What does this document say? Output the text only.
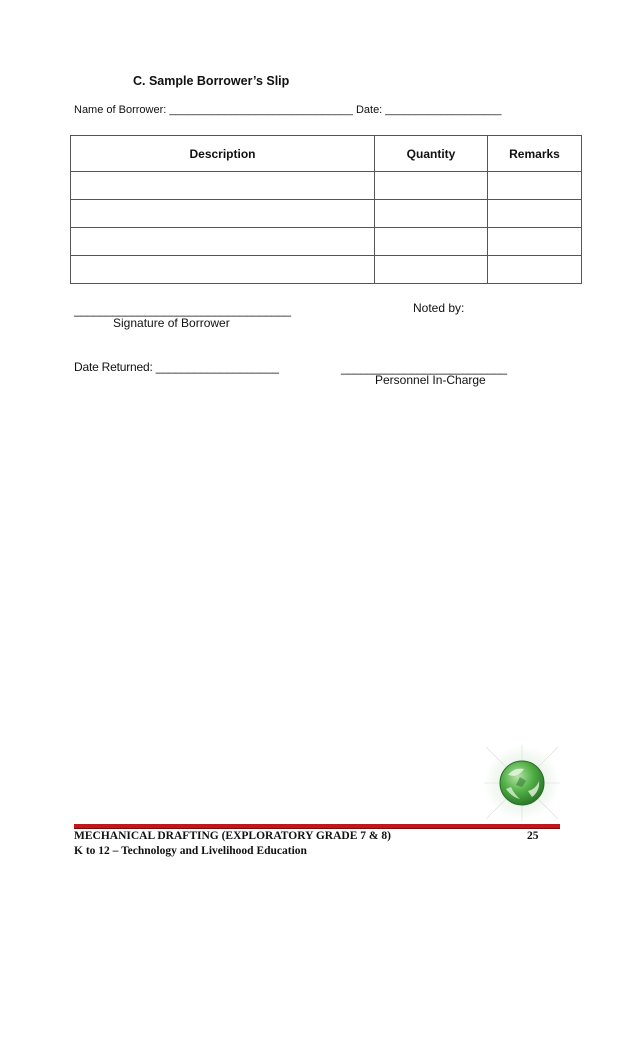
C. Sample Borrower’s Slip
Name of Borrower: ______________________________ Date: ___________________
Description	Quantity	Remarks

__________________________________
Signature of Borrower
Noted by:
Date Returned: ___________________	__________________________
Personnel In-Charge
MECHANICAL DRAFTING (EXPLORATORY GRADE 7 & 8)	25
K to 12 – Technology and Livelihood Education
